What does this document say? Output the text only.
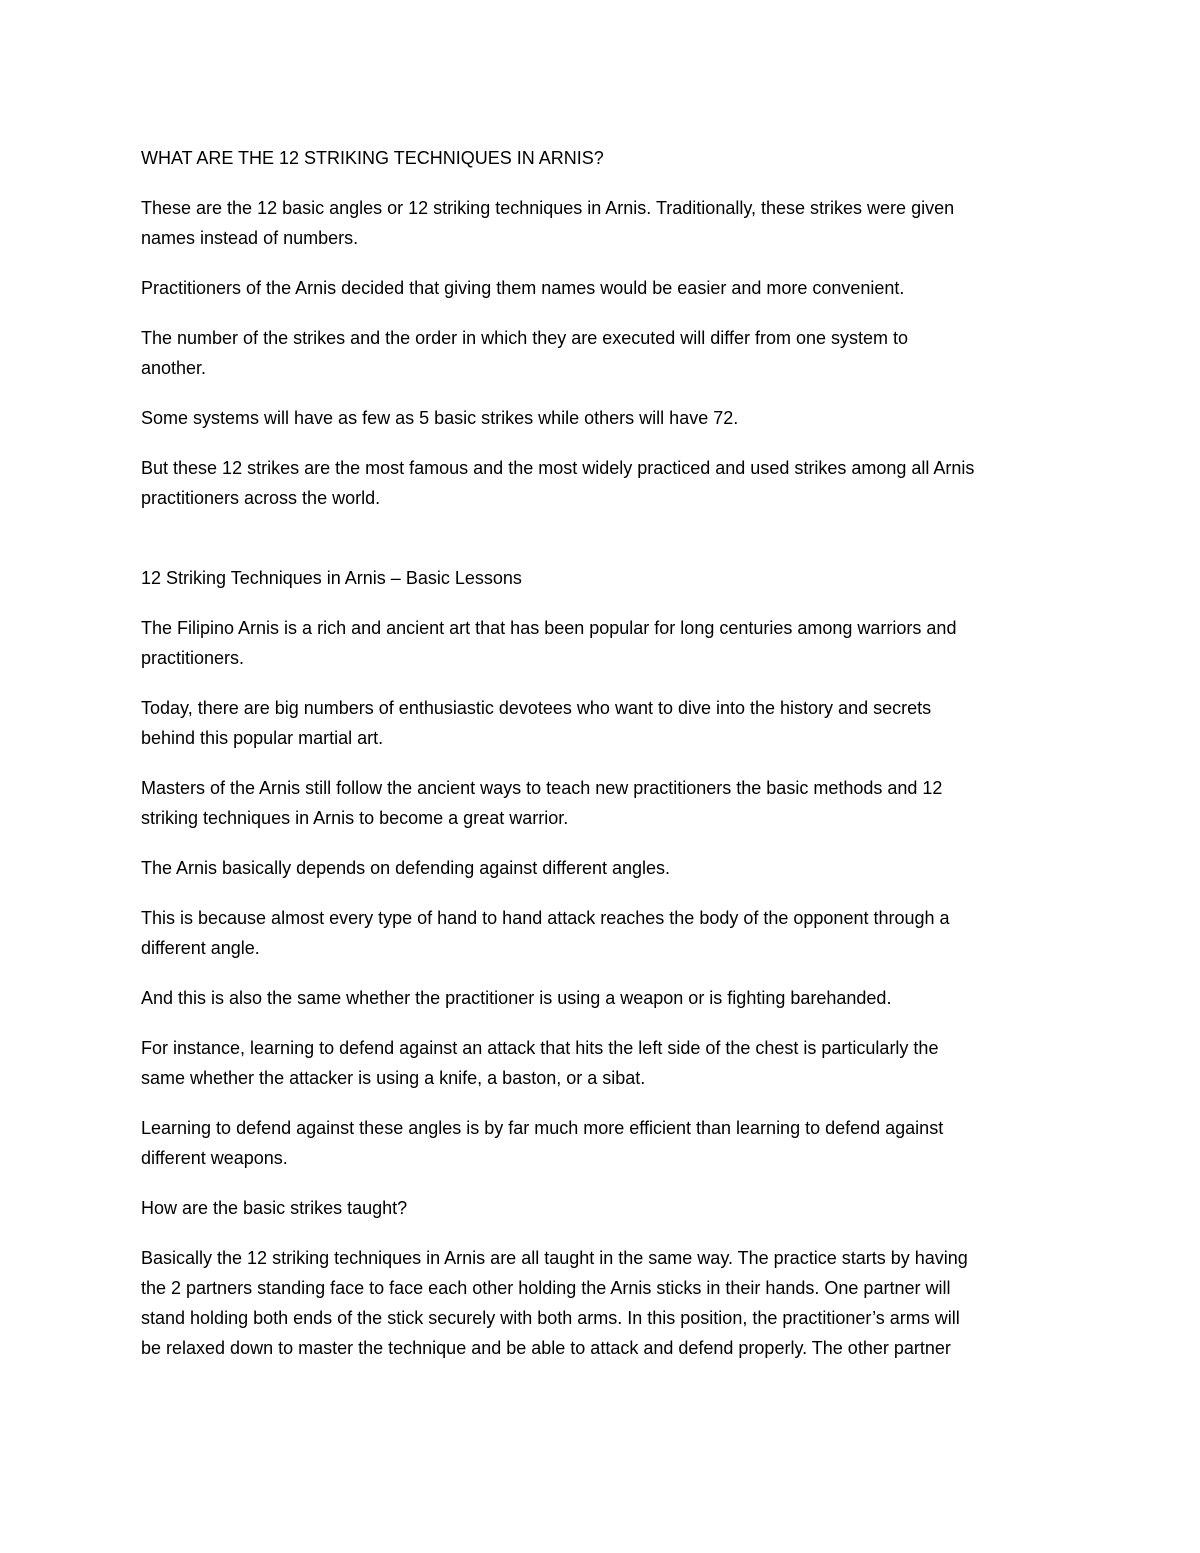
WHAT ARE THE 12 STRIKING TECHNIQUES IN ARNIS?

These are the 12 basic angles or 12 striking techniques in Arnis. Traditionally, these strikes were given
names instead of numbers.

Practitioners of the Arnis decided that giving them names would be easier and more convenient.

The number of the strikes and the order in which they are executed will differ from one system to
another.

Some systems will have as few as 5 basic strikes while others will have 72.

But these 12 strikes are the most famous and the most widely practiced and used strikes among all Arnis
practitioners across the world.

12 Striking Techniques in Arnis – Basic Lessons

The Filipino Arnis is a rich and ancient art that has been popular for long centuries among warriors and
practitioners.

Today, there are big numbers of enthusiastic devotees who want to dive into the history and secrets
behind this popular martial art.

Masters of the Arnis still follow the ancient ways to teach new practitioners the basic methods and 12
striking techniques in Arnis to become a great warrior.

The Arnis basically depends on defending against different angles.

This is because almost every type of hand to hand attack reaches the body of the opponent through a
different angle.

And this is also the same whether the practitioner is using a weapon or is fighting barehanded.

For instance, learning to defend against an attack that hits the left side of the chest is particularly the
same whether the attacker is using a knife, a baston, or a sibat.

Learning to defend against these angles is by far much more efficient than learning to defend against
different weapons.

How are the basic strikes taught?

Basically the 12 striking techniques in Arnis are all taught in the same way. The practice starts by having
the 2 partners standing face to face each other holding the Arnis sticks in their hands. One partner will
stand holding both ends of the stick securely with both arms. In this position, the practitioner’s arms will
be relaxed down to master the technique and be able to attack and defend properly. The other partner
